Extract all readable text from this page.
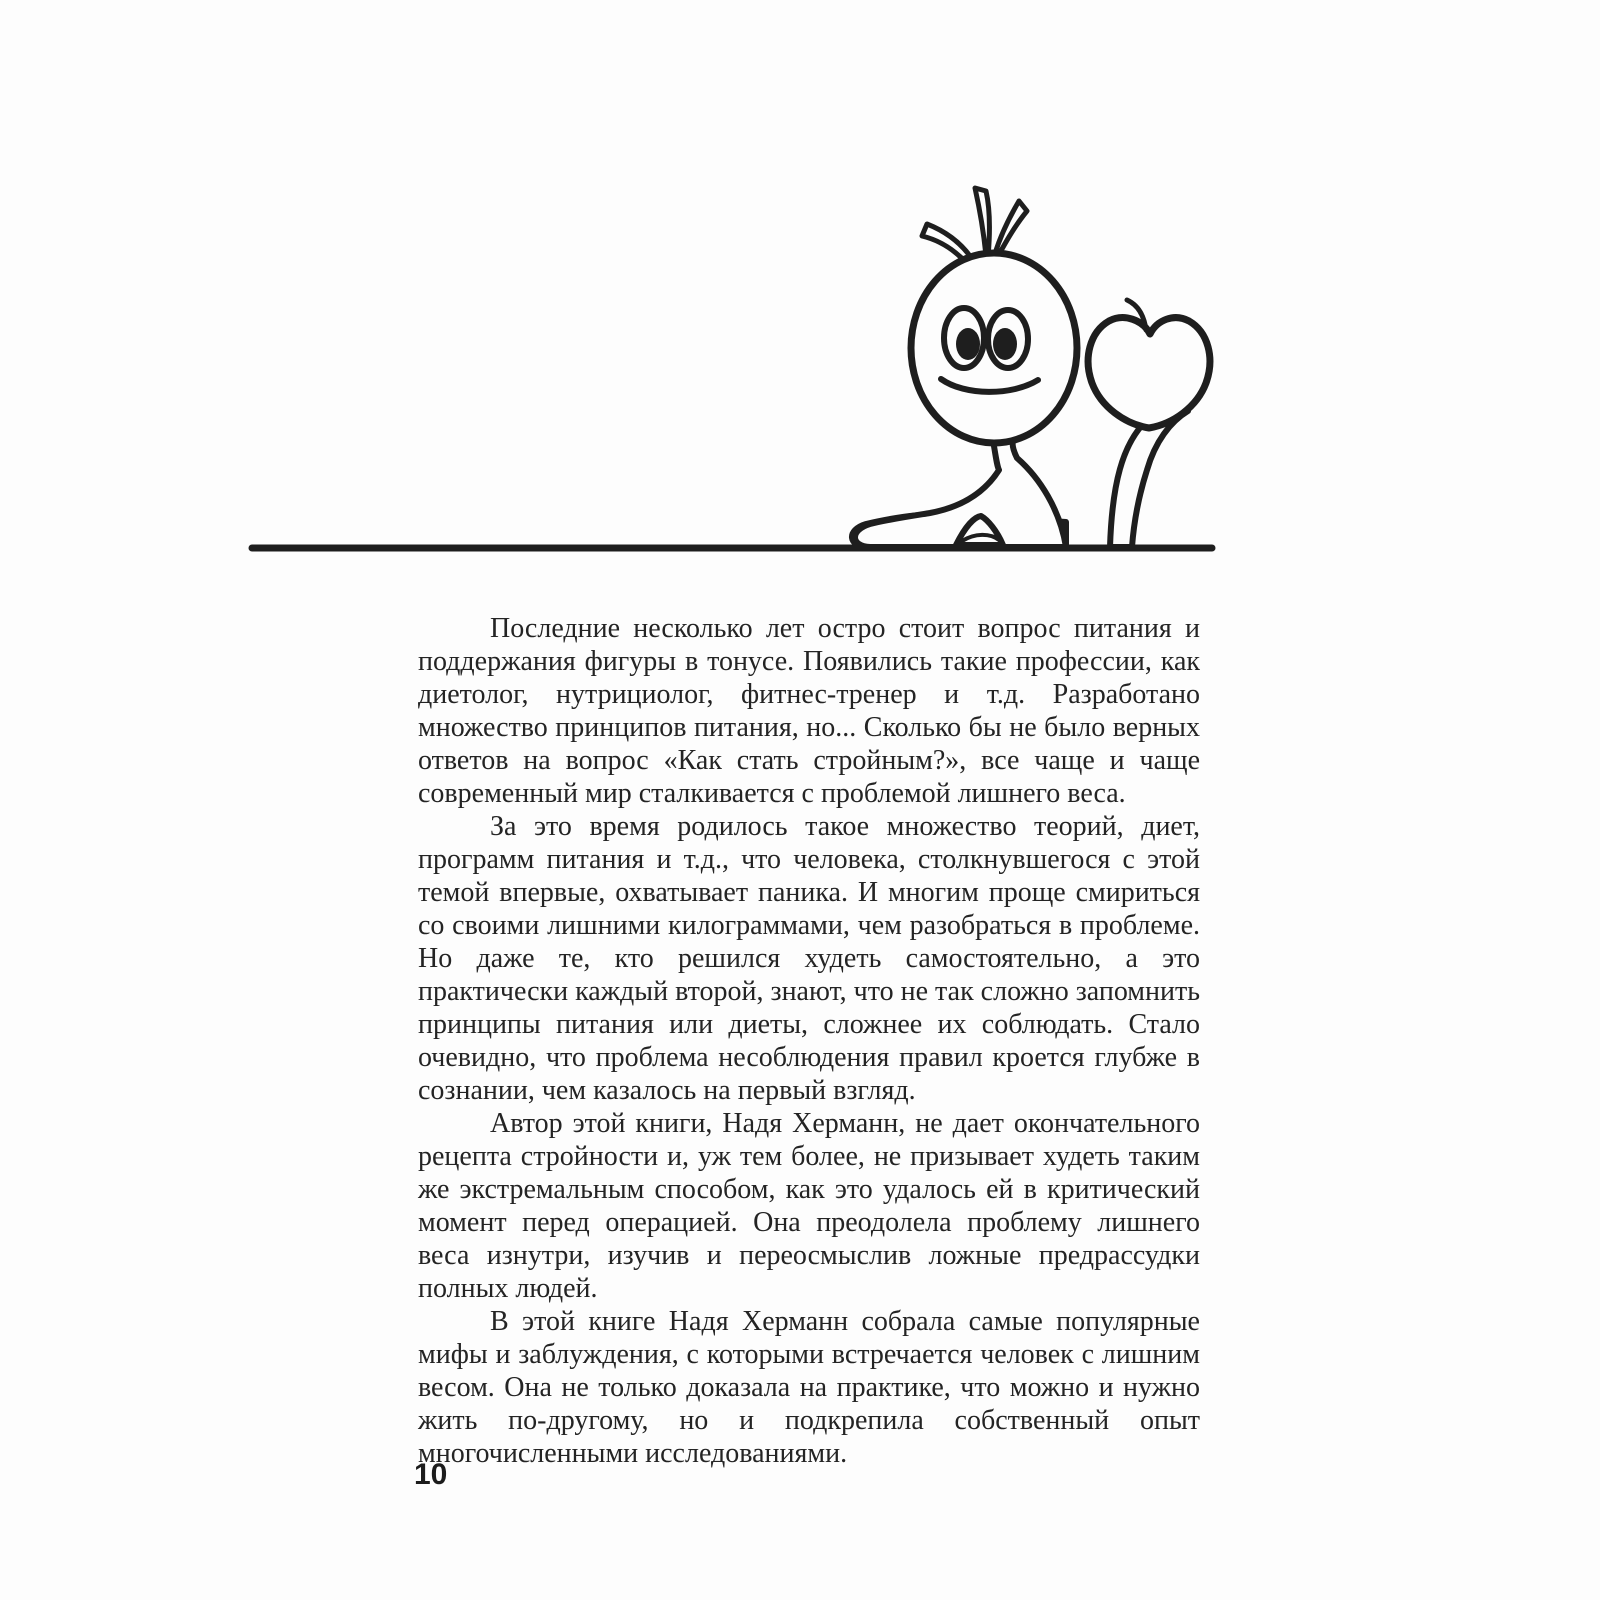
Последние несколько лет остро стоит вопрос питания и поддержания фигуры в тонусе. Появились такие профессии, как диетолог, нутрициолог, фитнес-тренер и т.д. Разработано множество принципов питания, но... Сколько бы не было верных ответов на вопрос «Как стать стройным?», все чаще и чаще современный мир сталкивается с проблемой лишнего веса.

За это время родилось такое множество теорий, диет, программ питания и т.д., что человека, столкнувшегося с этой темой впервые, охватывает паника. И многим проще смириться со своими лишними килограммами, чем разобраться в проблеме. Но даже те, кто решился худеть самостоятельно, а это практически каждый второй, знают, что не так сложно запомнить принципы питания или диеты, сложнее их соблюдать. Стало очевидно, что проблема несоблюдения правил кроется глубже в сознании, чем казалось на первый взгляд.

Автор этой книги, Надя Херманн, не дает окончательного рецепта стройности и, уж тем более, не призывает худеть таким же экстремальным способом, как это удалось ей в критический момент перед операцией. Она преодолела проблему лишнего веса изнутри, изучив и переосмыслив ложные предрассудки полных людей.

В этой книге Надя Херманн собрала самые популярные мифы и заблуждения, с которыми встречается человек с лишним весом. Она не только доказала на практике, что можно и нужно жить по-другому, но и подкрепила собственный опыт многочисленными исследованиями.

10
